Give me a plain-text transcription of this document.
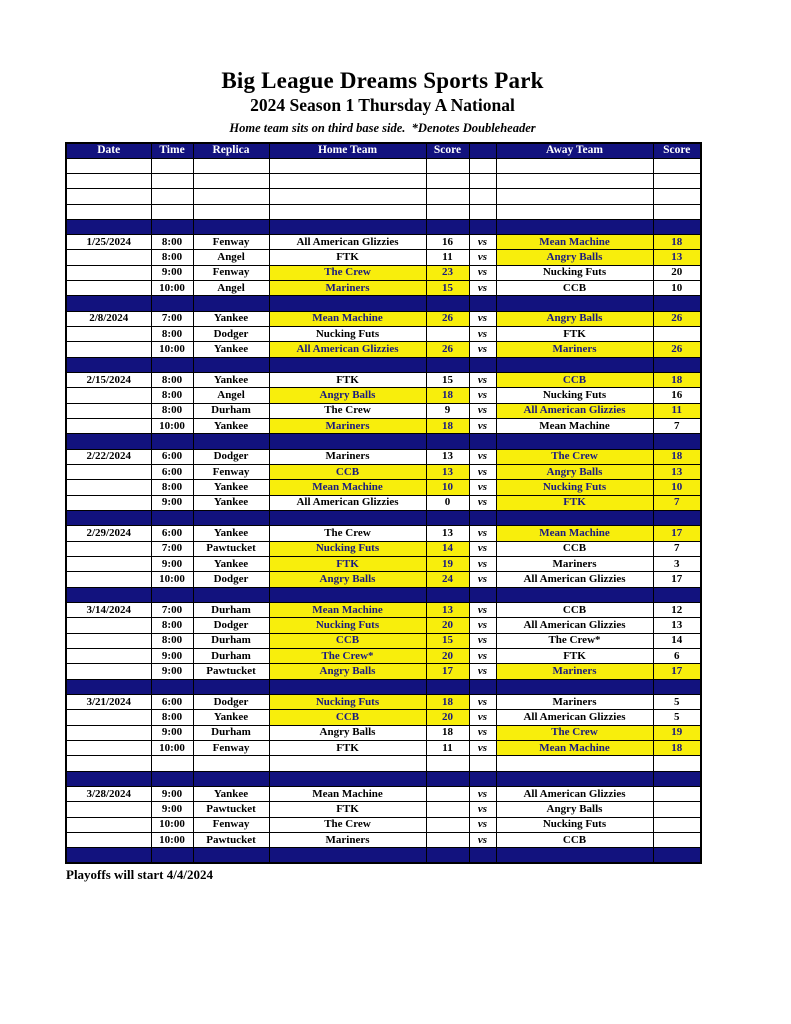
Big League Dreams Sports Park
2024 Season 1 Thursday A National
Home team sits on third base side.  *Denotes Doubleheader
Date	Time	Replica	Home Team	Score		Away Team	Score

1/25/2024	8:00	Fenway	All American Glizzies	16	vs	Mean Machine	18
	8:00	Angel	FTK	11	vs	Angry Balls	13
	9:00	Fenway	The Crew	23	vs	Nucking Futs	20
	10:00	Angel	Mariners	15	vs	CCB	10

2/8/2024	7:00	Yankee	Mean Machine	26	vs	Angry Balls	26
	8:00	Dodger	Nucking Futs		vs	FTK	
	10:00	Yankee	All American Glizzies	26	vs	Mariners	26

2/15/2024	8:00	Yankee	FTK	15	vs	CCB	18
	8:00	Angel	Angry Balls	18	vs	Nucking Futs	16
	8:00	Durham	The Crew	9	vs	All American Glizzies	11
	10:00	Yankee	Mariners	18	vs	Mean Machine	7

2/22/2024	6:00	Dodger	Mariners	13	vs	The Crew	18
	6:00	Fenway	CCB	13	vs	Angry Balls	13
	8:00	Yankee	Mean Machine	10	vs	Nucking Futs	10
	9:00	Yankee	All American Glizzies	0	vs	FTK	7

2/29/2024	6:00	Yankee	The Crew	13	vs	Mean Machine	17
	7:00	Pawtucket	Nucking Futs	14	vs	CCB	7
	9:00	Yankee	FTK	19	vs	Mariners	3
	10:00	Dodger	Angry Balls	24	vs	All American Glizzies	17

3/14/2024	7:00	Durham	Mean Machine	13	vs	CCB	12
	8:00	Dodger	Nucking Futs	20	vs	All American Glizzies	13
	8:00	Durham	CCB	15	vs	The Crew*	14
	9:00	Durham	The Crew*	20	vs	FTK	6
	9:00	Pawtucket	Angry Balls	17	vs	Mariners	17

3/21/2024	6:00	Dodger	Nucking Futs	18	vs	Mariners	5
	8:00	Yankee	CCB	20	vs	All American Glizzies	5
	9:00	Durham	Angry Balls	18	vs	The Crew	19
	10:00	Fenway	FTK	11	vs	Mean Machine	18

3/28/2024	9:00	Yankee	Mean Machine		vs	All American Glizzies	
	9:00	Pawtucket	FTK		vs	Angry Balls	
	10:00	Fenway	The Crew		vs	Nucking Futs	
	10:00	Pawtucket	Mariners		vs	CCB	

Playoffs will start 4/4/2024
